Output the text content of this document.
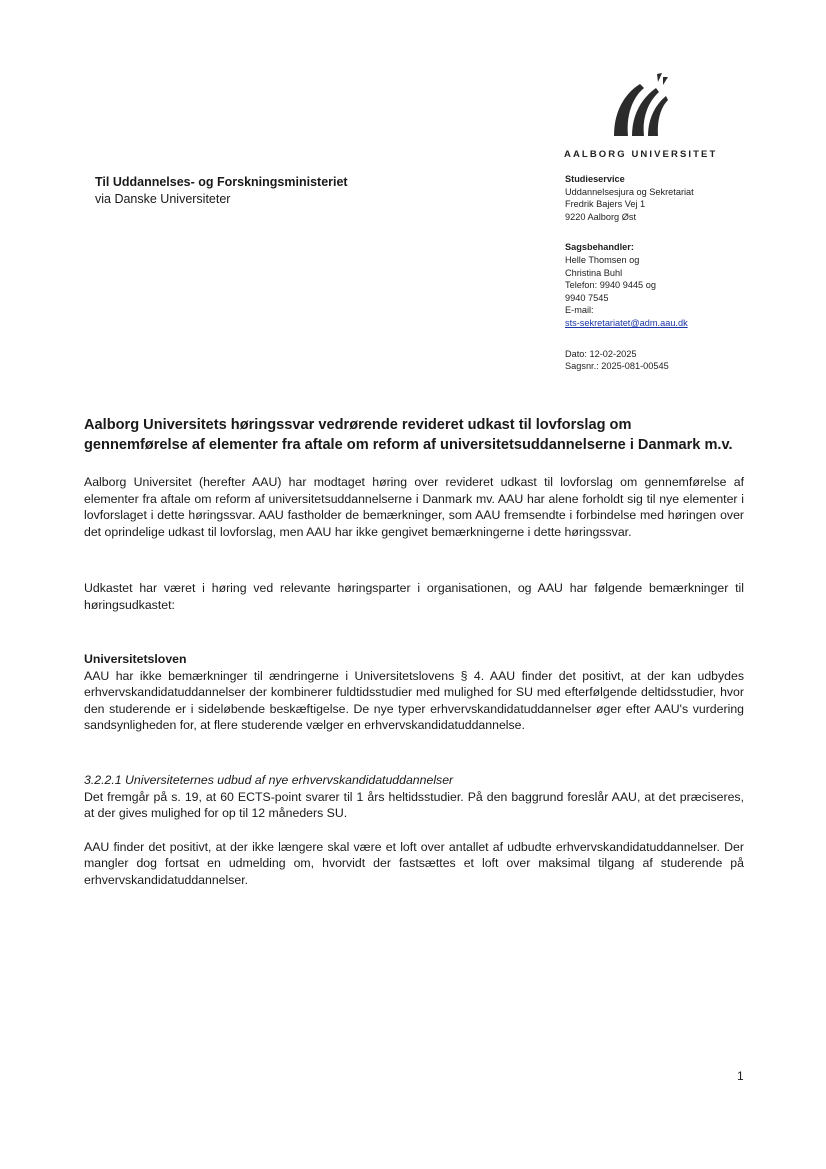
AALBORG UNIVERSITET
Til Uddannelses- og Forskningsministeriet
via Danske Universiteter
Studieservice
Uddannelsesjura og Sekretariat
Fredrik Bajers Vej 1
9220 Aalborg Øst
Sagsbehandler:
Helle Thomsen og
Christina Buhl
Telefon: 9940 9445 og
9940 7545
E-mail:
sts-sekretariatet@adm.aau.dk
Dato: 12-02-2025
Sagsnr.: 2025-081-00545
Aalborg Universitets høringssvar vedrørende revideret udkast til lovforslag om
gennemførelse af elementer fra aftale om reform af universitetsuddannelserne i Danmark m.v.
Aalborg Universitet (herefter AAU) har modtaget høring over revideret udkast til lovforslag om gennemførelse af elementer fra aftale om reform af universitetsuddannelserne i Danmark mv. AAU har alene forholdt sig til nye elementer i lovforslaget i dette høringssvar. AAU fastholder de bemærkninger, som AAU fremsendte i forbindelse med høringen over det oprindelige udkast til lovforslag, men AAU har ikke gengivet bemærkningerne i dette høringssvar.
Udkastet har været i høring ved relevante høringsparter i organisationen, og AAU har følgende bemærkninger til høringsudkastet:
Universitetsloven
AAU har ikke bemærkninger til ændringerne i Universitetslovens § 4. AAU finder det positivt, at der kan udbydes erhvervskandidatuddannelser der kombinerer fuldtidsstudier med mulighed for SU med efterfølgende deltidsstudier, hvor den studerende er i sideløbende beskæftigelse. De nye typer erhvervskandidatuddannelser øger efter AAU's vurdering sandsynligheden for, at flere studerende vælger en erhvervskandidatuddannelse.
3.2.2.1 Universiteternes udbud af nye erhvervskandidatuddannelser
Det fremgår på s. 19, at 60 ECTS-point svarer til 1 års heltidsstudier. På den baggrund foreslår AAU, at det præciseres, at der gives mulighed for op til 12 måneders SU.
AAU finder det positivt, at der ikke længere skal være et loft over antallet af udbudte erhvervskandidatuddannelser. Der mangler dog fortsat en udmelding om, hvorvidt der fastsættes et loft over maksimal tilgang af studerende på erhvervskandidatuddannelser.
1
